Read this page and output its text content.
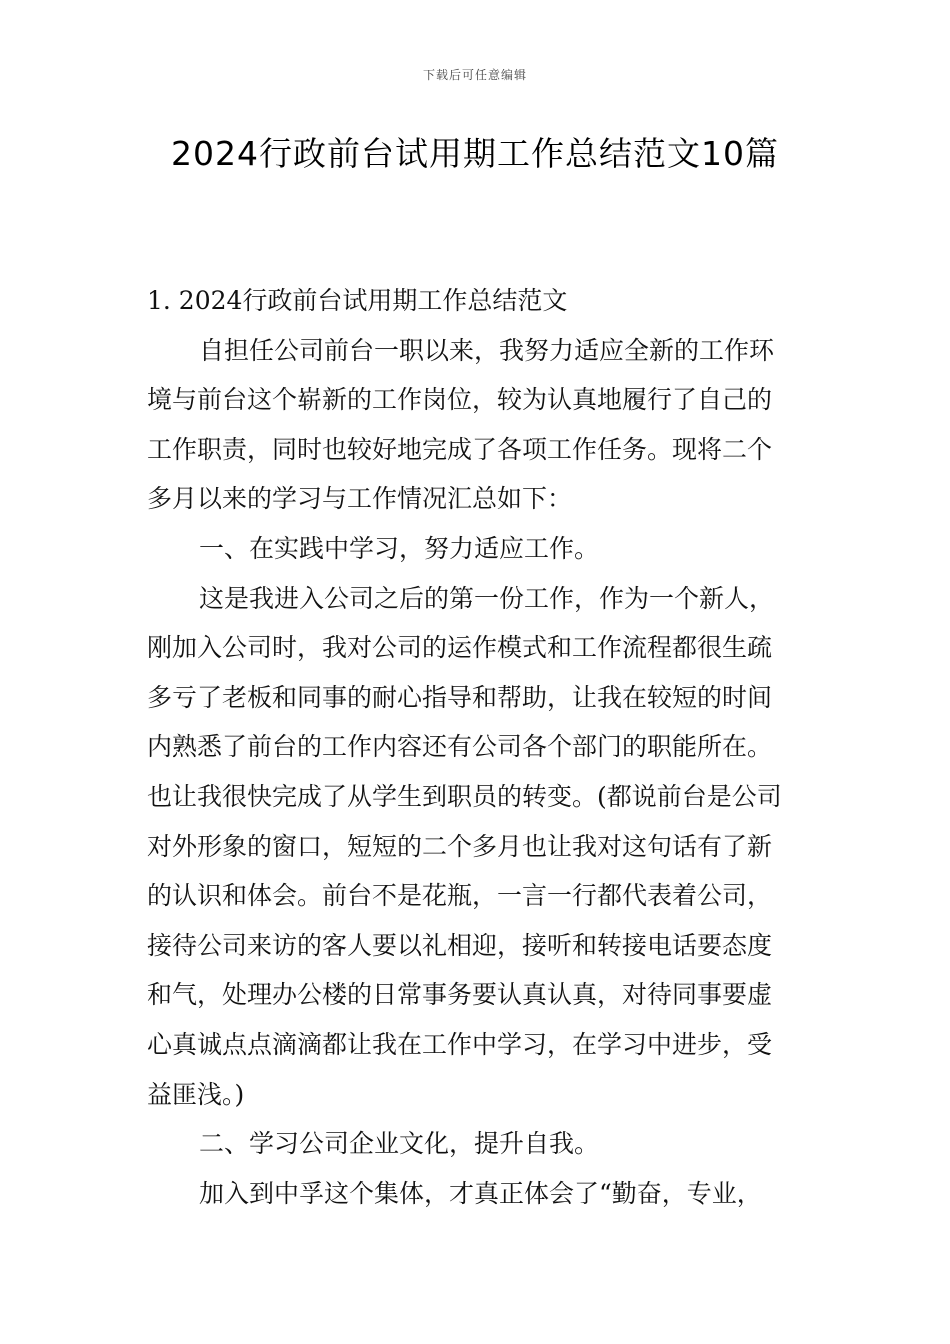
下载后可任意编辑
2024行政前台试用期工作总结范文10篇
1. 2024行政前台试用期工作总结范文
自担任公司前台一职以来，我努力适应全新的工作环
境与前台这个崭新的工作岗位，较为认真地履行了自己的
工作职责，同时也较好地完成了各项工作任务。现将二个
多月以来的学习与工作情况汇总如下：
一、在实践中学习，努力适应工作。
这是我进入公司之后的第一份工作，作为一个新人，
刚加入公司时，我对公司的运作模式和工作流程都很生疏
多亏了老板和同事的耐心指导和帮助，让我在较短的时间
内熟悉了前台的工作内容还有公司各个部门的职能所在。
也让我很快完成了从学生到职员的转变。(都说前台是公司
对外形象的窗口，短短的二个多月也让我对这句话有了新
的认识和体会。前台不是花瓶，一言一行都代表着公司，
接待公司来访的客人要以礼相迎，接听和转接电话要态度
和气，处理办公楼的日常事务要认真认真，对待同事要虚
心真诚点点滴滴都让我在工作中学习，在学习中进步，受
益匪浅。)
二、学习公司企业文化，提升自我。
加入到中孚这个集体，才真正体会了“勤奋，专业，
